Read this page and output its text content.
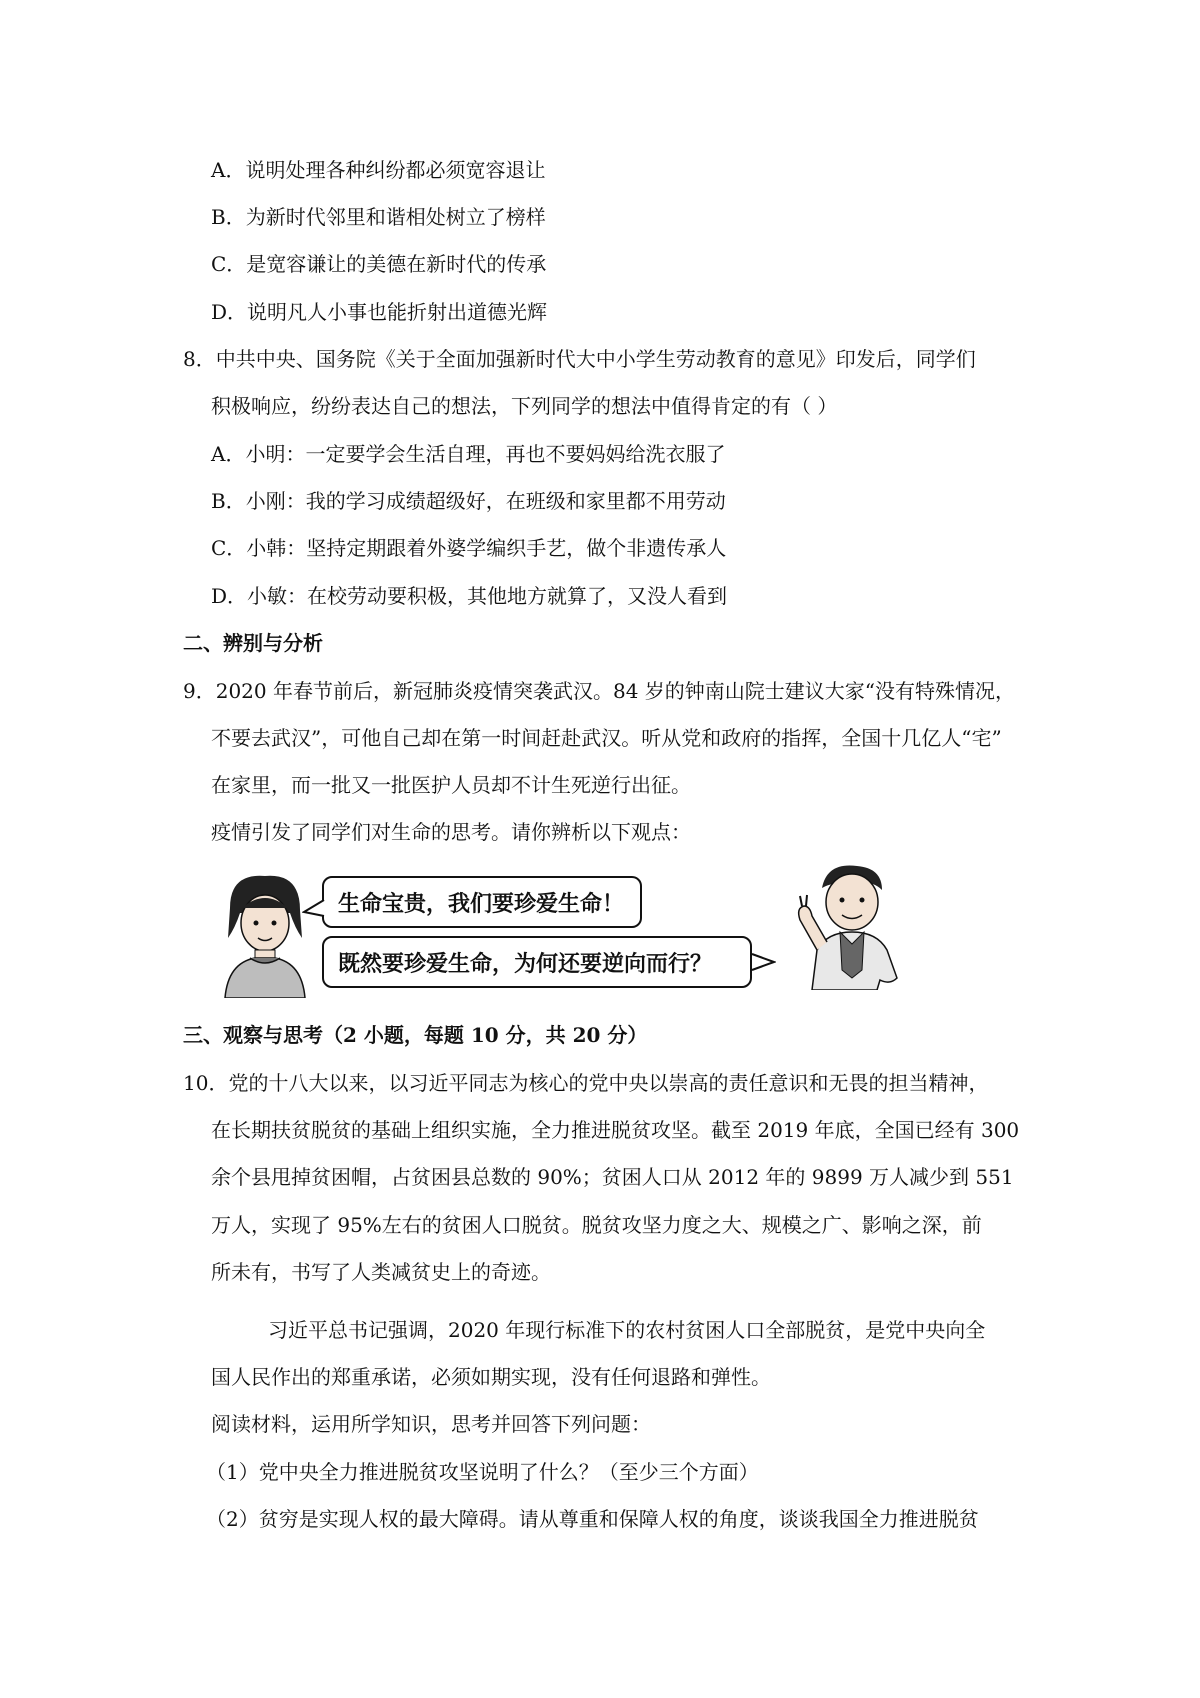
A．说明处理各种纠纷都必须宽容退让
B．为新时代邻里和谐相处树立了榜样
C．是宽容谦让的美德在新时代的传承
D．说明凡人小事也能折射出道德光辉
8．中共中央、国务院《关于全面加强新时代大中小学生劳动教育的意见》印发后，同学们
积极响应，纷纷表达自己的想法，下列同学的想法中值得肯定的有（ ）
A．小明：一定要学会生活自理，再也不要妈妈给洗衣服了
B．小刚：我的学习成绩超级好，在班级和家里都不用劳动
C．小韩：坚持定期跟着外婆学编织手艺，做个非遗传承人
D．小敏：在校劳动要积极，其他地方就算了，又没人看到
二、辨别与分析
9．2020 年春节前后，新冠肺炎疫情突袭武汉。84 岁的钟南山院士建议大家“没有特殊情况，
不要去武汉”，可他自己却在第一时间赶赴武汉。听从党和政府的指挥，全国十几亿人“宅”
在家里，而一批又一批医护人员却不计生死逆行出征。
疫情引发了同学们对生命的思考。请你辨析以下观点：
生命宝贵，我们要珍爱生命！
既然要珍爱生命，为何还要逆向而行？
三、观察与思考（2 小题，每题 10 分，共 20 分）
10．党的十八大以来，以习近平同志为核心的党中央以崇高的责任意识和无畏的担当精神，
在长期扶贫脱贫的基础上组织实施，全力推进脱贫攻坚。截至 2019 年底，全国已经有 300
余个县甩掉贫困帽，占贫困县总数的 90%；贫困人口从 2012 年的 9899 万人减少到 551
万人，实现了 95%左右的贫困人口脱贫。脱贫攻坚力度之大、规模之广、影响之深，前
所未有，书写了人类减贫史上的奇迹。
习近平总书记强调，2020 年现行标准下的农村贫困人口全部脱贫，是党中央向全
国人民作出的郑重承诺，必须如期实现，没有任何退路和弹性。
阅读材料，运用所学知识，思考并回答下列问题：
（1）党中央全力推进脱贫攻坚说明了什么？（至少三个方面）
（2）贫穷是实现人权的最大障碍。请从尊重和保障人权的角度，谈谈我国全力推进脱贫
